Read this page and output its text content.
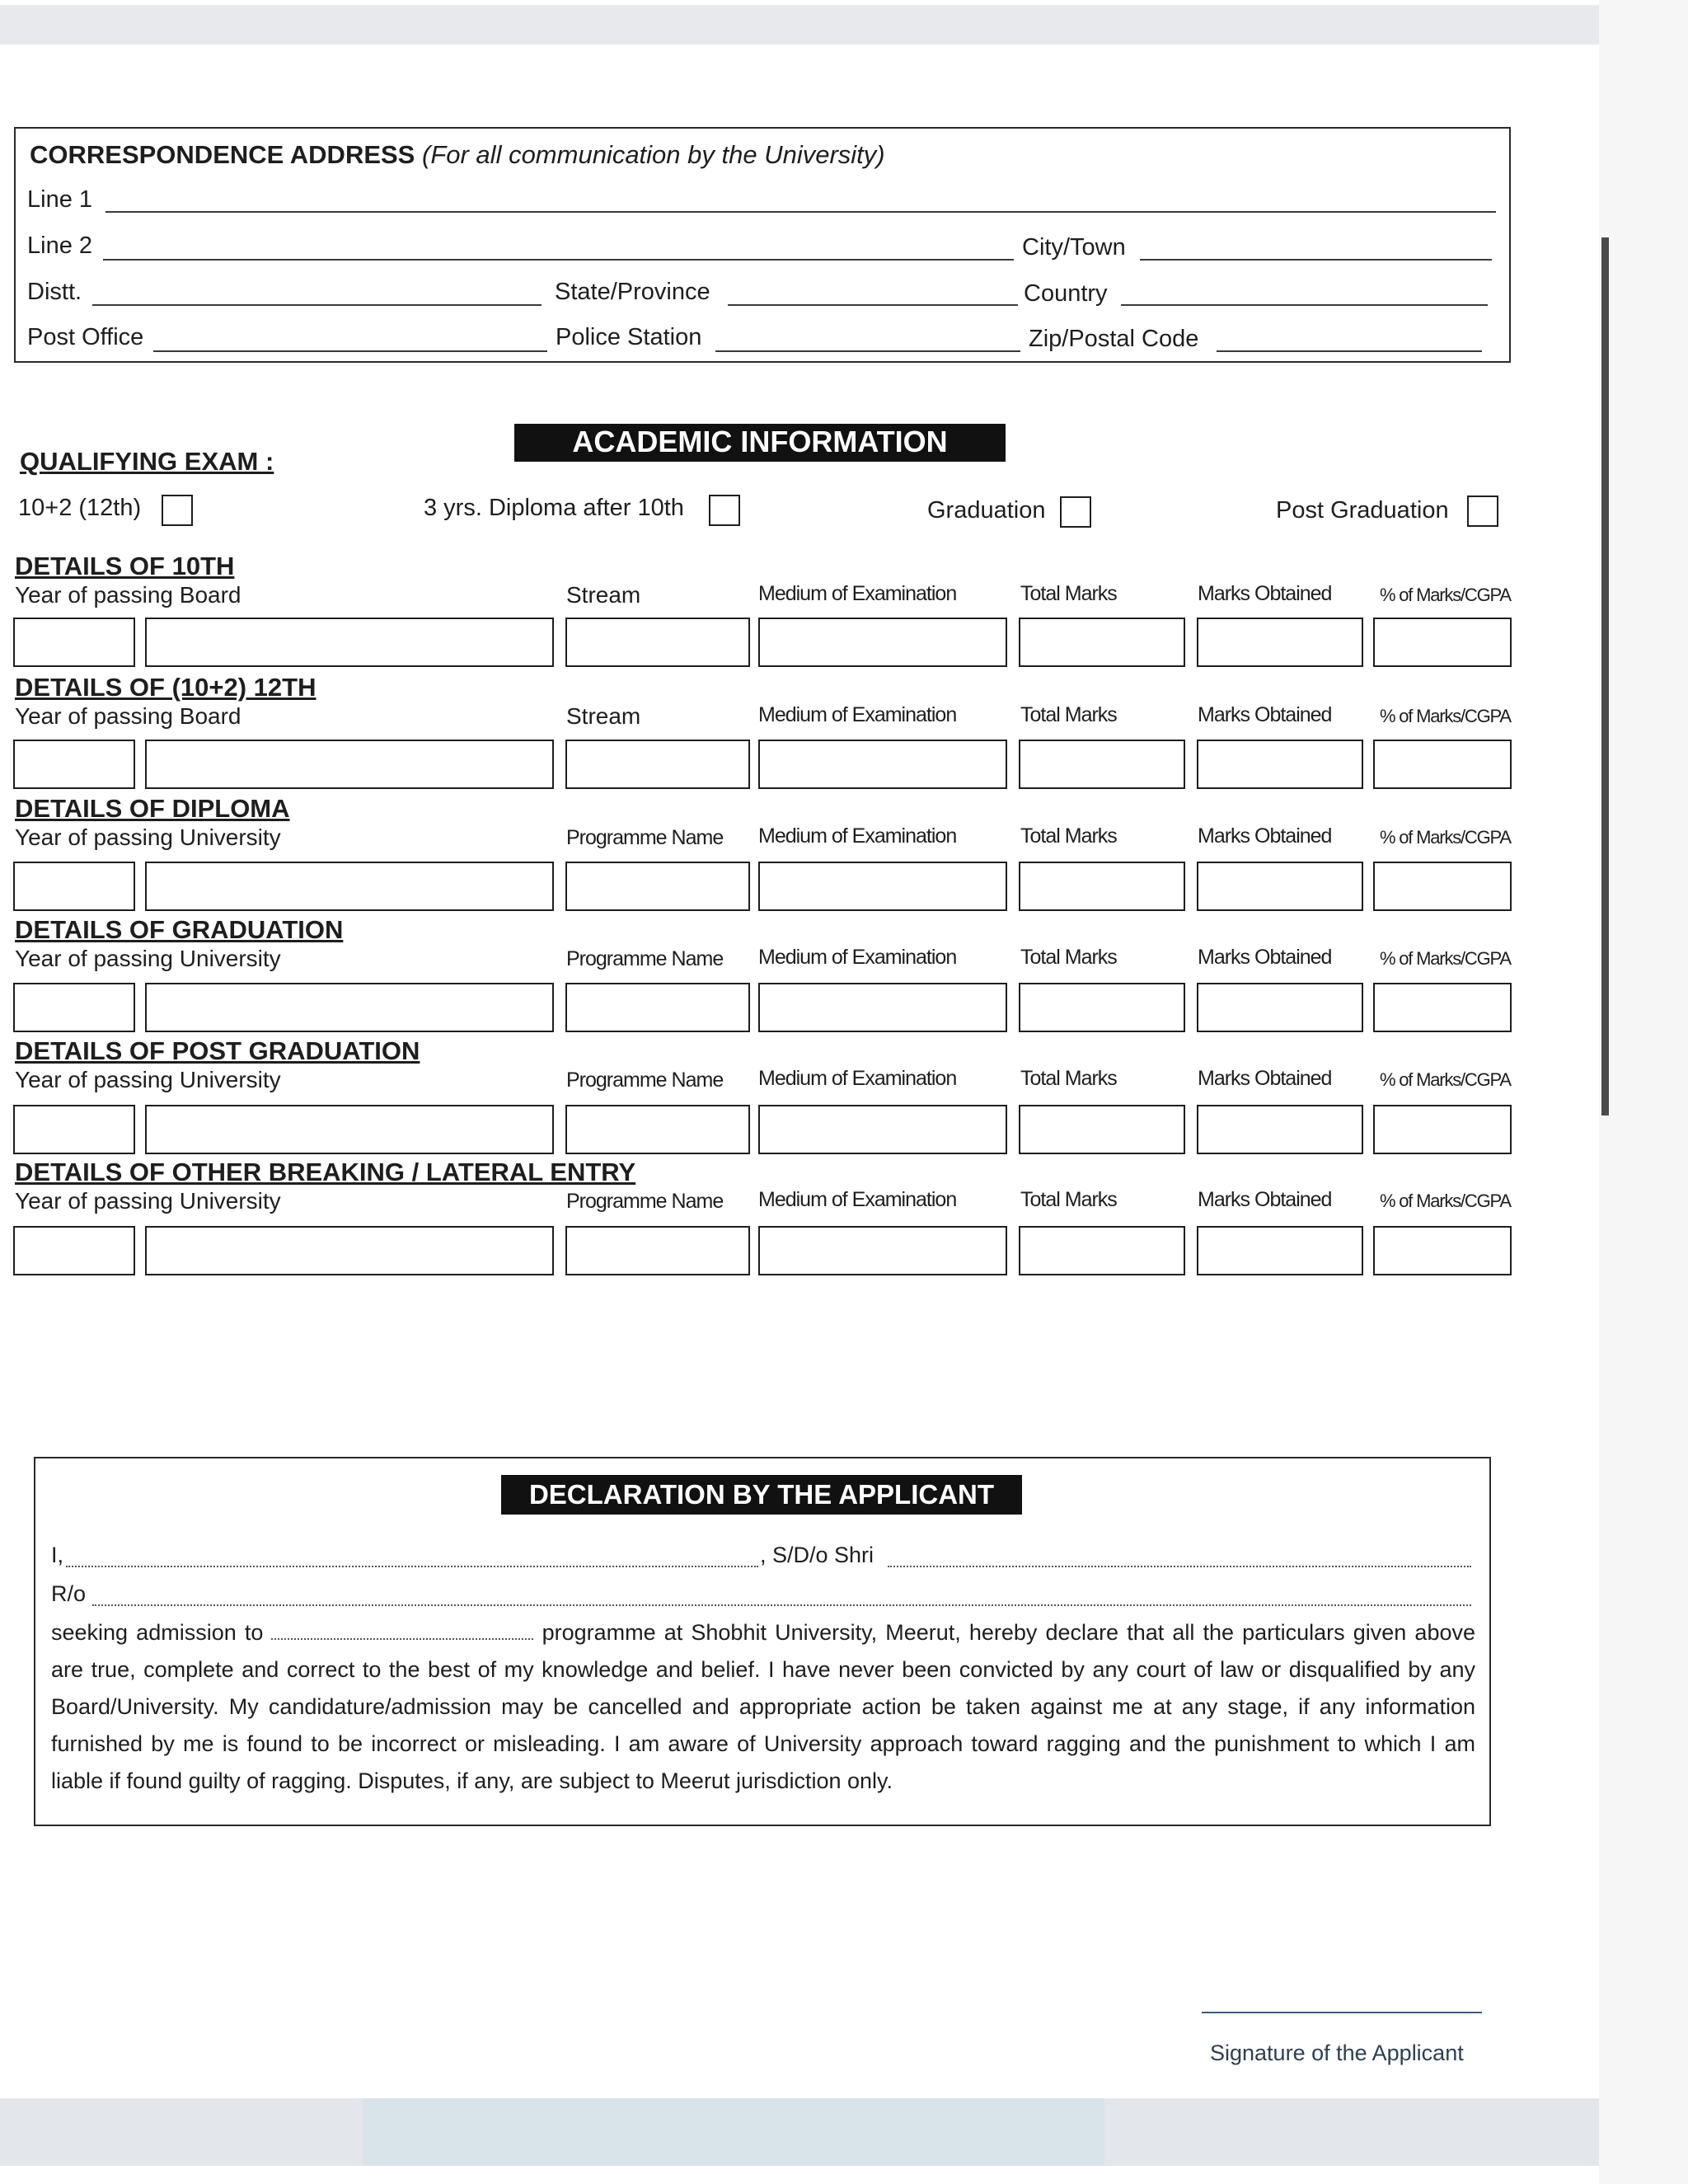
CORRESPONDENCE ADDRESS (For all communication by the University)
Line 1
Line 2	City/Town
Distt.	State/Province	Country
Post Office	Police Station	Zip/Postal Code
ACADEMIC INFORMATION
QUALIFYING EXAM :
10+2 (12th)	3 yrs. Diploma after 10th	Graduation	Post Graduation
DETAILS OF 10TH
Year of passing Board	Stream	Medium of Examination	Total Marks	Marks Obtained	% of Marks/CGPA
DETAILS OF (10+2) 12TH
Year of passing Board	Stream	Medium of Examination	Total Marks	Marks Obtained	% of Marks/CGPA
DETAILS OF DIPLOMA
Year of passing University	Programme Name Medium of Examination	Total Marks	Marks Obtained	% of Marks/CGPA
DETAILS OF GRADUATION
Year of passing University	Programme Name Medium of Examination	Total Marks	Marks Obtained	% of Marks/CGPA
DETAILS OF POST GRADUATION
Year of passing University	Programme Name Medium of Examination	Total Marks	Marks Obtained	% of Marks/CGPA
DETAILS OF OTHER BREAKING / LATERAL ENTRY
Year of passing University	Programme Name Medium of Examination	Total Marks	Marks Obtained	% of Marks/CGPA
DECLARATION BY THE APPLICANT
I,	, S/D/o Shri
R/o
seeking admission to	programme at Shobhit University, Meerut, hereby declare that all the particulars given above are true, complete and correct to the best of my knowledge and belief. I have never been convicted by any court of law or disqualified by any Board/University. My candidature/admission may be cancelled and appropriate action be taken against me at any stage, if any information furnished by me is found to be incorrect or misleading. I am aware of University approach toward ragging and the punishment to which I am liable if found guilty of ragging. Disputes, if any, are subject to Meerut jurisdiction only.
Signature of the Applicant
